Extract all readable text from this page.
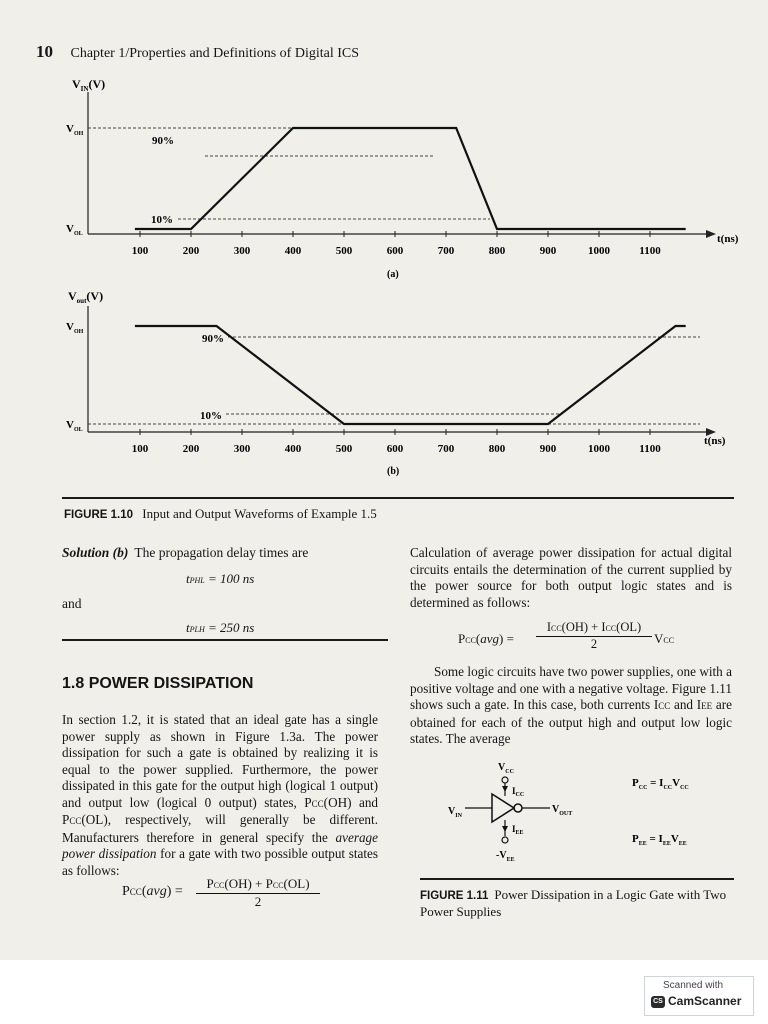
10 Chapter 1/Properties and Definitions of Digital ICS
$V_{IN}(V)$
t(ns)
$V_{OH}$
$V_{OL}$
90%
10%
100	200	300	400	500	600	700	800	900	1000	1100
(a)
$V_{out}(V)$
t(ns)
$V_{OH}$
$V_{OL}$
90%
10%
100	200	300	400	500	600	700	800	900	1000	1100
(b)
FIGURE 1.10 Input and Output Waveforms of Example 1.5
Solution (b) The propagation delay times are
tPHL = 100 ns
and
tPLH = 250 ns
1.8 POWER DISSIPATION
In section 1.2, it is stated that an ideal gate has a single power supply as shown in Figure 1.3a. The power dissipation for such a gate is obtained by realizing it is equal to the power supplied. Furthermore, the power dissipated in this gate for the output high (logical 1 output) and output low (logical 0 output) states, PCC(OH) and PCC(OL), respectively, will generally be different. Manufacturers therefore in general specify the average power dissipation for a gate with two possible output states as follows:
PCC(avg) =
PCC(OH) + PCC(OL)
2
Calculation of average power dissipation for actual digital circuits entails the determination of the current supplied by the power source for both output logic states and is determined as follows:
PCC(avg) =
ICC(OH) + ICC(OL)
2	VCC
Some logic circuits have two power supplies, one with a positive voltage and one with a negative voltage. Figure 1.11 shows such a gate. In this case, both currents ICC and IEE are obtained for each of the output high and output low logic states. The average
$V_{CC}$
$I_{CC}$
$V_{IN}$
$V_{OUT}$
$I_{EE}$
$-V_{EE}$
$P_{CC} = I_{CC}V_{CC}$
$P_{EE} = I_{EE}V_{EE}$
FIGURE 1.11 Power Dissipation in a Logic Gate with Two Power Supplies
Scanned with
CS CamScanner
